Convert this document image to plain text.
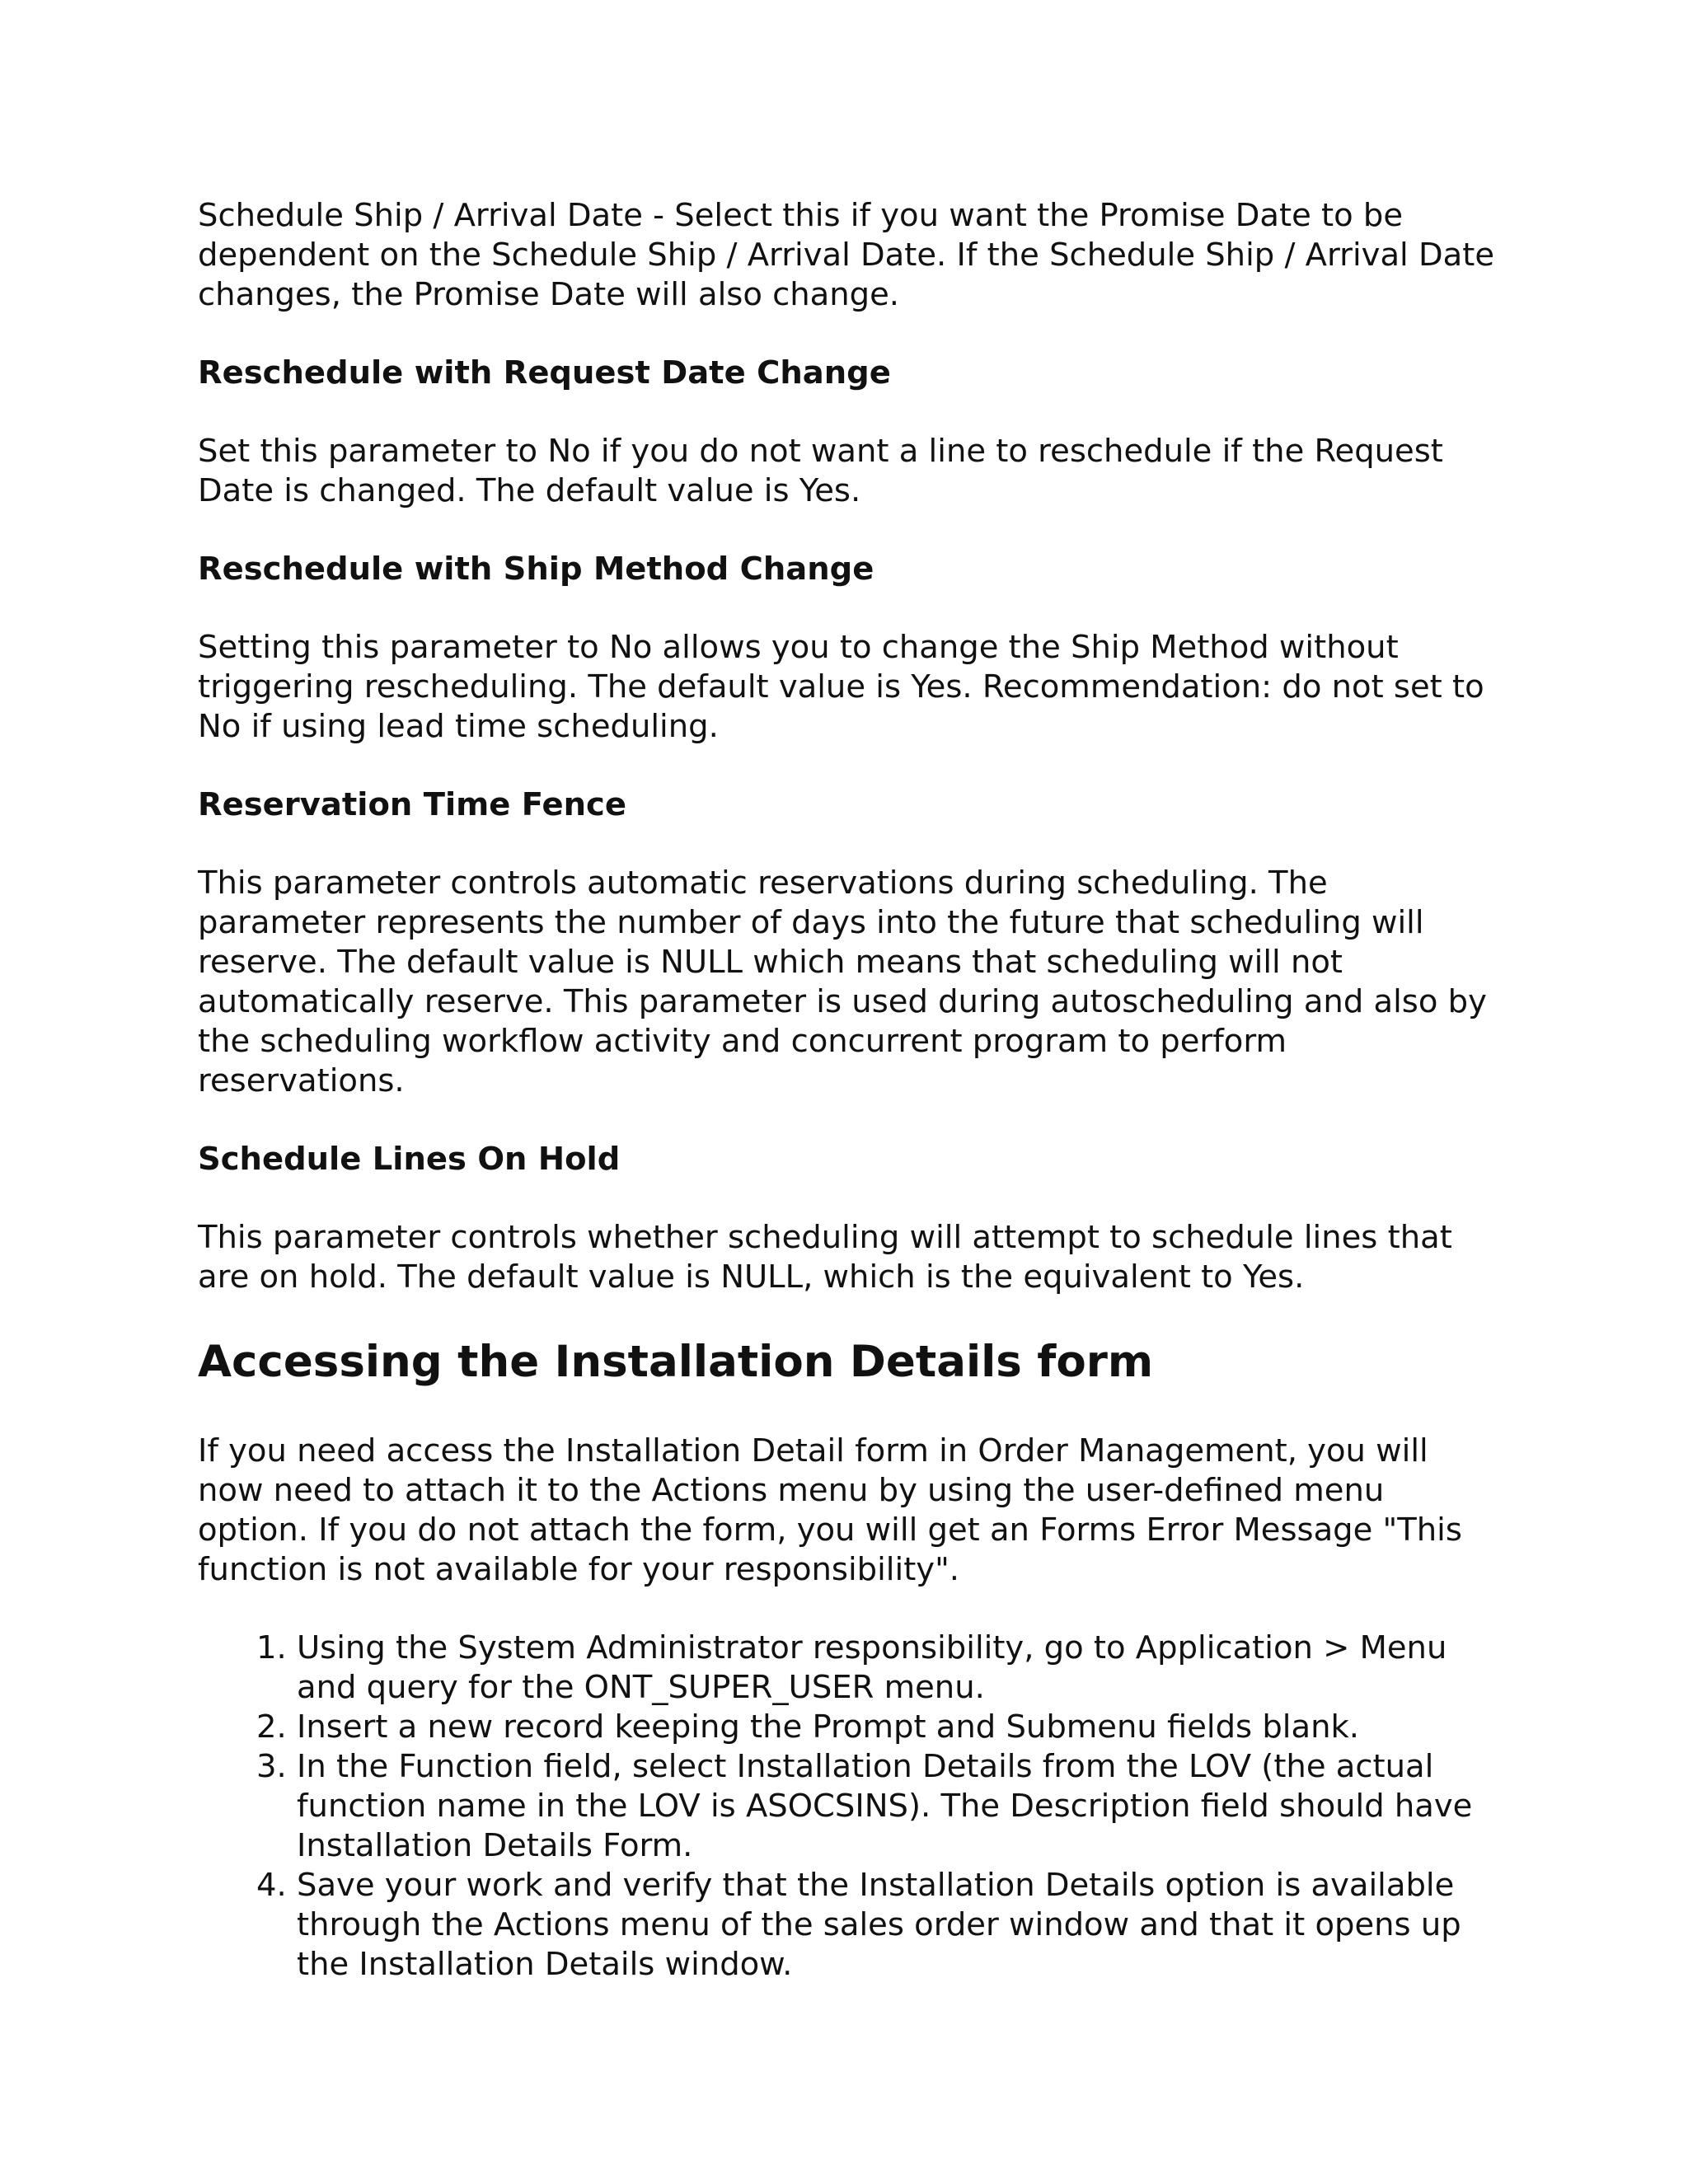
Schedule Ship / Arrival Date - Select this if you want the Promise Date to be dependent on the Schedule Ship / Arrival Date. If the Schedule Ship / Arrival Date changes, the Promise Date will also change.

Reschedule with Request Date Change

Set this parameter to No if you do not want a line to reschedule if the Request Date is changed. The default value is Yes.

Reschedule with Ship Method Change

Setting this parameter to No allows you to change the Ship Method without triggering rescheduling. The default value is Yes. Recommendation: do not set to No if using lead time scheduling.

Reservation Time Fence

This parameter controls automatic reservations during scheduling. The parameter represents the number of days into the future that scheduling will reserve. The default value is NULL which means that scheduling will not automatically reserve. This parameter is used during autoscheduling and also by the scheduling workflow activity and concurrent program to perform reservations.

Schedule Lines On Hold

This parameter controls whether scheduling will attempt to schedule lines that are on hold. The default value is NULL, which is the equivalent to Yes.

Accessing the Installation Details form

If you need access the Installation Detail form in Order Management, you will now need to attach it to the Actions menu by using the user-defined menu option. If you do not attach the form, you will get an Forms Error Message "This function is not available for your responsibility".

1. Using the System Administrator responsibility, go to Application > Menu and query for the ONT_SUPER_USER menu.
2. Insert a new record keeping the Prompt and Submenu fields blank.
3. In the Function field, select Installation Details from the LOV (the actual function name in the LOV is ASOCSINS). The Description field should have Installation Details Form.
4. Save your work and verify that the Installation Details option is available through the Actions menu of the sales order window and that it opens up the Installation Details window.
